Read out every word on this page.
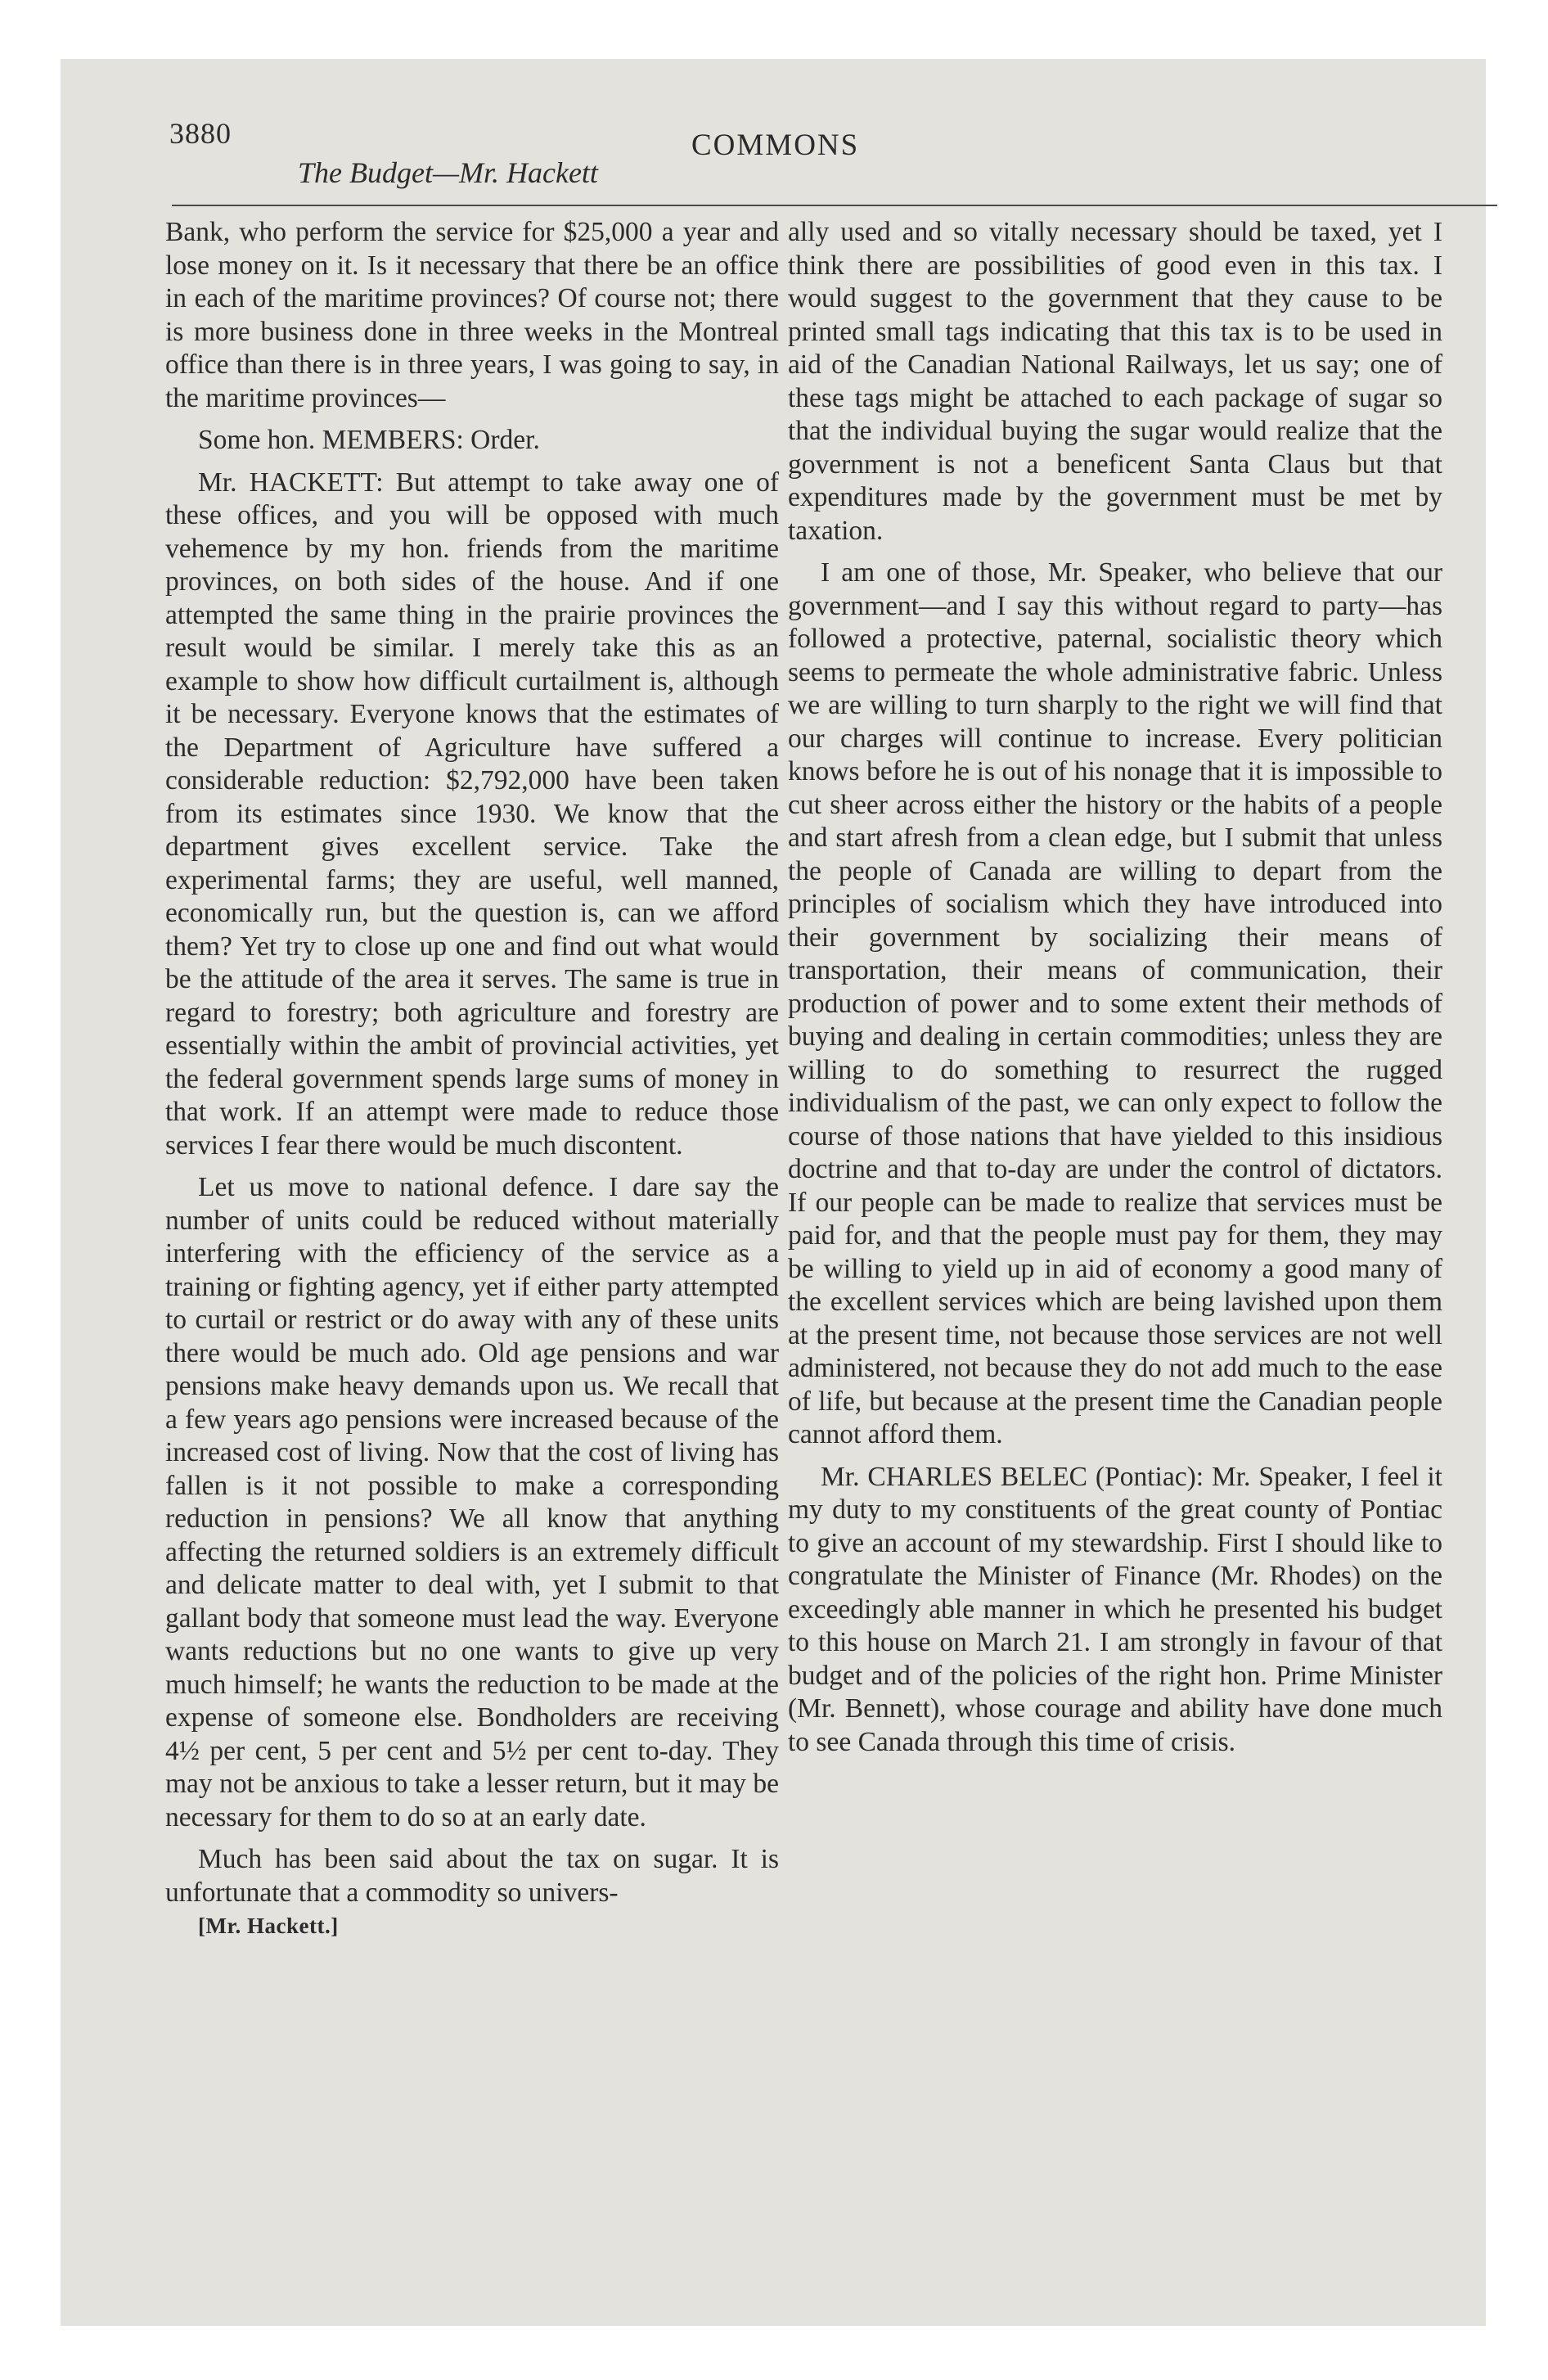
3880
The Budget—Mr. Hackett
COMMONS

Bank, who perform the service for $25,000 a year and lose money on it. Is it necessary that there be an office in each of the maritime provinces? Of course not; there is more business done in three weeks in the Montreal office than there is in three years, I was going to say, in the maritime provinces—

Some hon. MEMBERS: Order.

Mr. HACKETT: But attempt to take away one of these offices, and you will be opposed with much vehemence by my hon. friends from the maritime provinces, on both sides of the house. And if one attempted the same thing in the prairie provinces the result would be similar. I merely take this as an example to show how difficult curtailment is, although it be necessary. Everyone knows that the estimates of the Department of Agriculture have suffered a considerable reduction: $2,792,000 have been taken from its estimates since 1930. We know that the department gives excellent service. Take the experimental farms; they are useful, well manned, economically run, but the question is, can we afford them? Yet try to close up one and find out what would be the attitude of the area it serves. The same is true in regard to forestry; both agriculture and forestry are essentially within the ambit of provincial activities, yet the federal government spends large sums of money in that work. If an attempt were made to reduce those services I fear there would be much discontent.

Let us move to national defence. I dare say the number of units could be reduced without materially interfering with the efficiency of the service as a training or fighting agency, yet if either party attempted to curtail or restrict or do away with any of these units there would be much ado. Old age pensions and war pensions make heavy demands upon us. We recall that a few years ago pensions were increased because of the increased cost of living. Now that the cost of living has fallen is it not possible to make a corresponding reduction in pensions? We all know that anything affecting the returned soldiers is an extremely difficult and delicate matter to deal with, yet I submit to that gallant body that someone must lead the way. Everyone wants reductions but no one wants to give up very much himself; he wants the reduction to be made at the expense of someone else. Bondholders are receiving 4½ per cent, 5 per cent and 5½ per cent to-day. They may not be anxious to take a lesser return, but it may be necessary for them to do so at an early date.

Much has been said about the tax on sugar. It is unfortunate that a commodity so univers-

[Mr. Hackett.]

ally used and so vitally necessary should be taxed, yet I think there are possibilities of good even in this tax. I would suggest to the government that they cause to be printed small tags indicating that this tax is to be used in aid of the Canadian National Railways, let us say; one of these tags might be attached to each package of sugar so that the individual buying the sugar would realize that the government is not a beneficent Santa Claus but that expenditures made by the government must be met by taxation.

I am one of those, Mr. Speaker, who believe that our government—and I say this without regard to party—has followed a protective, paternal, socialistic theory which seems to permeate the whole administrative fabric. Unless we are willing to turn sharply to the right we will find that our charges will continue to increase. Every politician knows before he is out of his nonage that it is impossible to cut sheer across either the history or the habits of a people and start afresh from a clean edge, but I submit that unless the people of Canada are willing to depart from the principles of socialism which they have introduced into their government by socializing their means of transportation, their means of communication, their production of power and to some extent their methods of buying and dealing in certain commodities; unless they are willing to do something to resurrect the rugged individualism of the past, we can only expect to follow the course of those nations that have yielded to this insidious doctrine and that to-day are under the control of dictators. If our people can be made to realize that services must be paid for, and that the people must pay for them, they may be willing to yield up in aid of economy a good many of the excellent services which are being lavished upon them at the present time, not because those services are not well administered, not because they do not add much to the ease of life, but because at the present time the Canadian people cannot afford them.

Mr. CHARLES BELEC (Pontiac): Mr. Speaker, I feel it my duty to my constituents of the great county of Pontiac to give an account of my stewardship. First I should like to congratulate the Minister of Finance (Mr. Rhodes) on the exceedingly able manner in which he presented his budget to this house on March 21. I am strongly in favour of that budget and of the policies of the right hon. Prime Minister (Mr. Bennett), whose courage and ability have done much to see Canada through this time of crisis.
